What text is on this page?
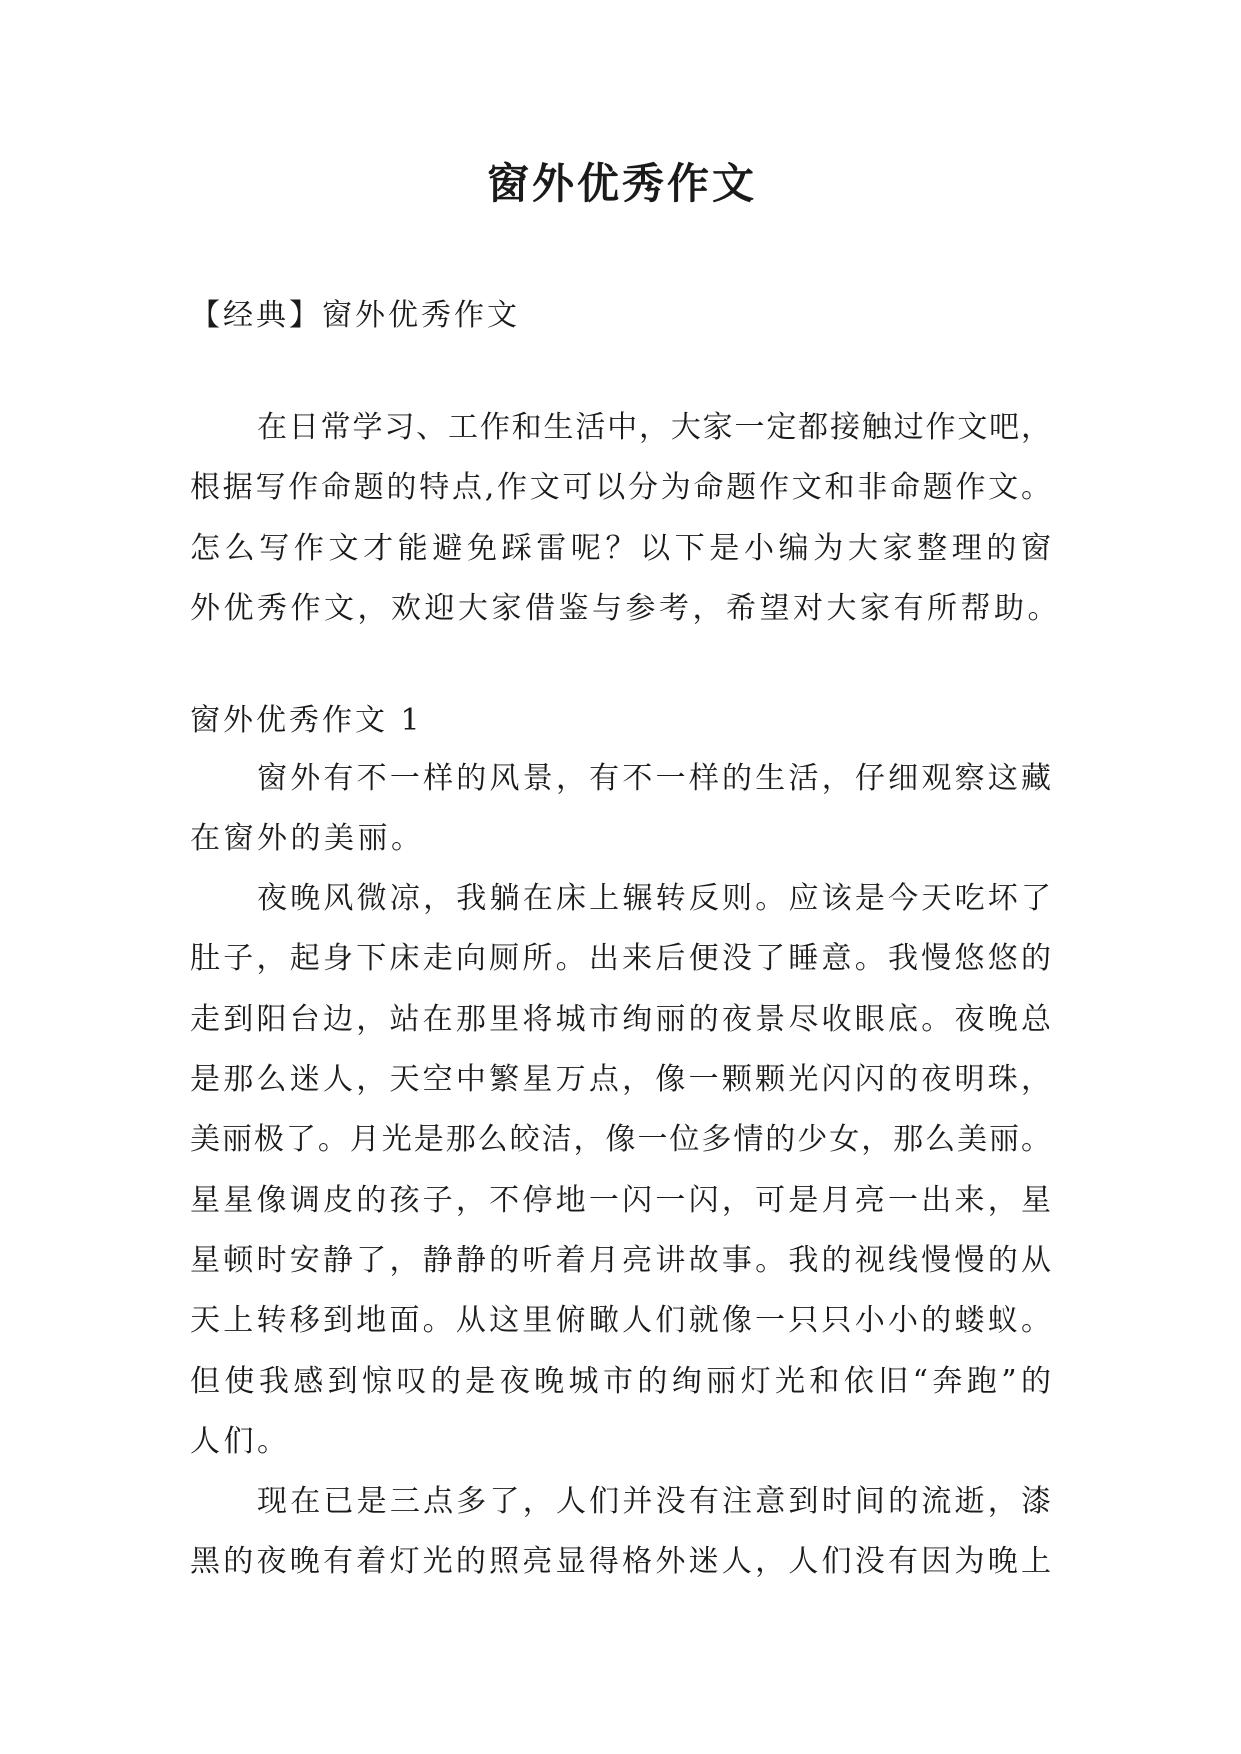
窗外优秀作文
【经典】窗外优秀作文
在日常学习、工作和生活中，大家一定都接触过作文吧，
根据写作命题的特点,作文可以分为命题作文和非命题作文。
怎么写作文才能避免踩雷呢？以下是小编为大家整理的窗
外优秀作文，欢迎大家借鉴与参考，希望对大家有所帮助。
窗外优秀作文 1
窗外有不一样的风景，有不一样的生活，仔细观察这藏
在窗外的美丽。
夜晚风微凉，我躺在床上辗转反则。应该是今天吃坏了
肚子，起身下床走向厕所。出来后便没了睡意。我慢悠悠的
走到阳台边，站在那里将城市绚丽的夜景尽收眼底。夜晚总
是那么迷人，天空中繁星万点，像一颗颗光闪闪的夜明珠，
美丽极了。月光是那么皎洁，像一位多情的少女，那么美丽。
星星像调皮的孩子，不停地一闪一闪，可是月亮一出来，星
星顿时安静了，静静的听着月亮讲故事。我的视线慢慢的从
天上转移到地面。从这里俯瞰人们就像一只只小小的蝼蚁。
但使我感到惊叹的是夜晚城市的绚丽灯光和依旧“奔跑”的
人们。
现在已是三点多了，人们并没有注意到时间的流逝，漆
黑的夜晚有着灯光的照亮显得格外迷人，人们没有因为晚上
